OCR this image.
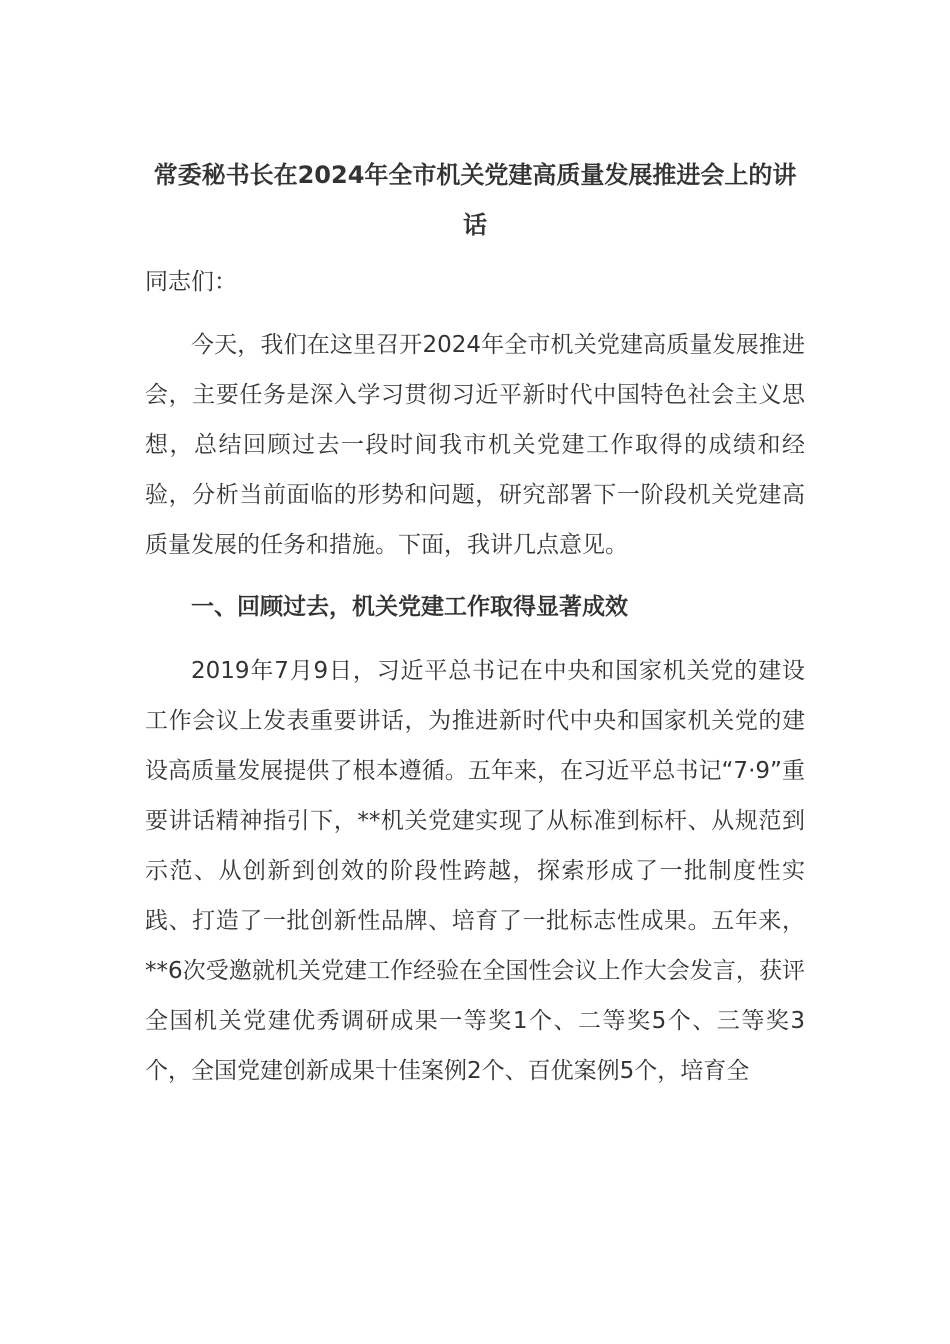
常委秘书长在2024年全市机关党建高质量发展推进会上的讲话

同志们：

今天，我们在这里召开2024年全市机关党建高质量发展推进会，主要任务是深入学习贯彻习近平新时代中国特色社会主义思想，总结回顾过去一段时间我市机关党建工作取得的成绩和经验，分析当前面临的形势和问题，研究部署下一阶段机关党建高质量发展的任务和措施。下面，我讲几点意见。

一、回顾过去，机关党建工作取得显著成效

2019年7月9日，习近平总书记在中央和国家机关党的建设工作会议上发表重要讲话，为推进新时代中央和国家机关党的建设高质量发展提供了根本遵循。五年来，在习近平总书记“7·9”重要讲话精神指引下，**机关党建实现了从标准到标杆、从规范到示范、从创新到创效的阶段性跨越，探索形成了一批制度性实践、打造了一批创新性品牌、培育了一批标志性成果。五年来，**6次受邀就机关党建工作经验在全国性会议上作大会发言，获评全国机关党建优秀调研成果一等奖1个、二等奖5个、三等奖3个，全国党建创新成果十佳案例2个、百优案例5个，培育全
